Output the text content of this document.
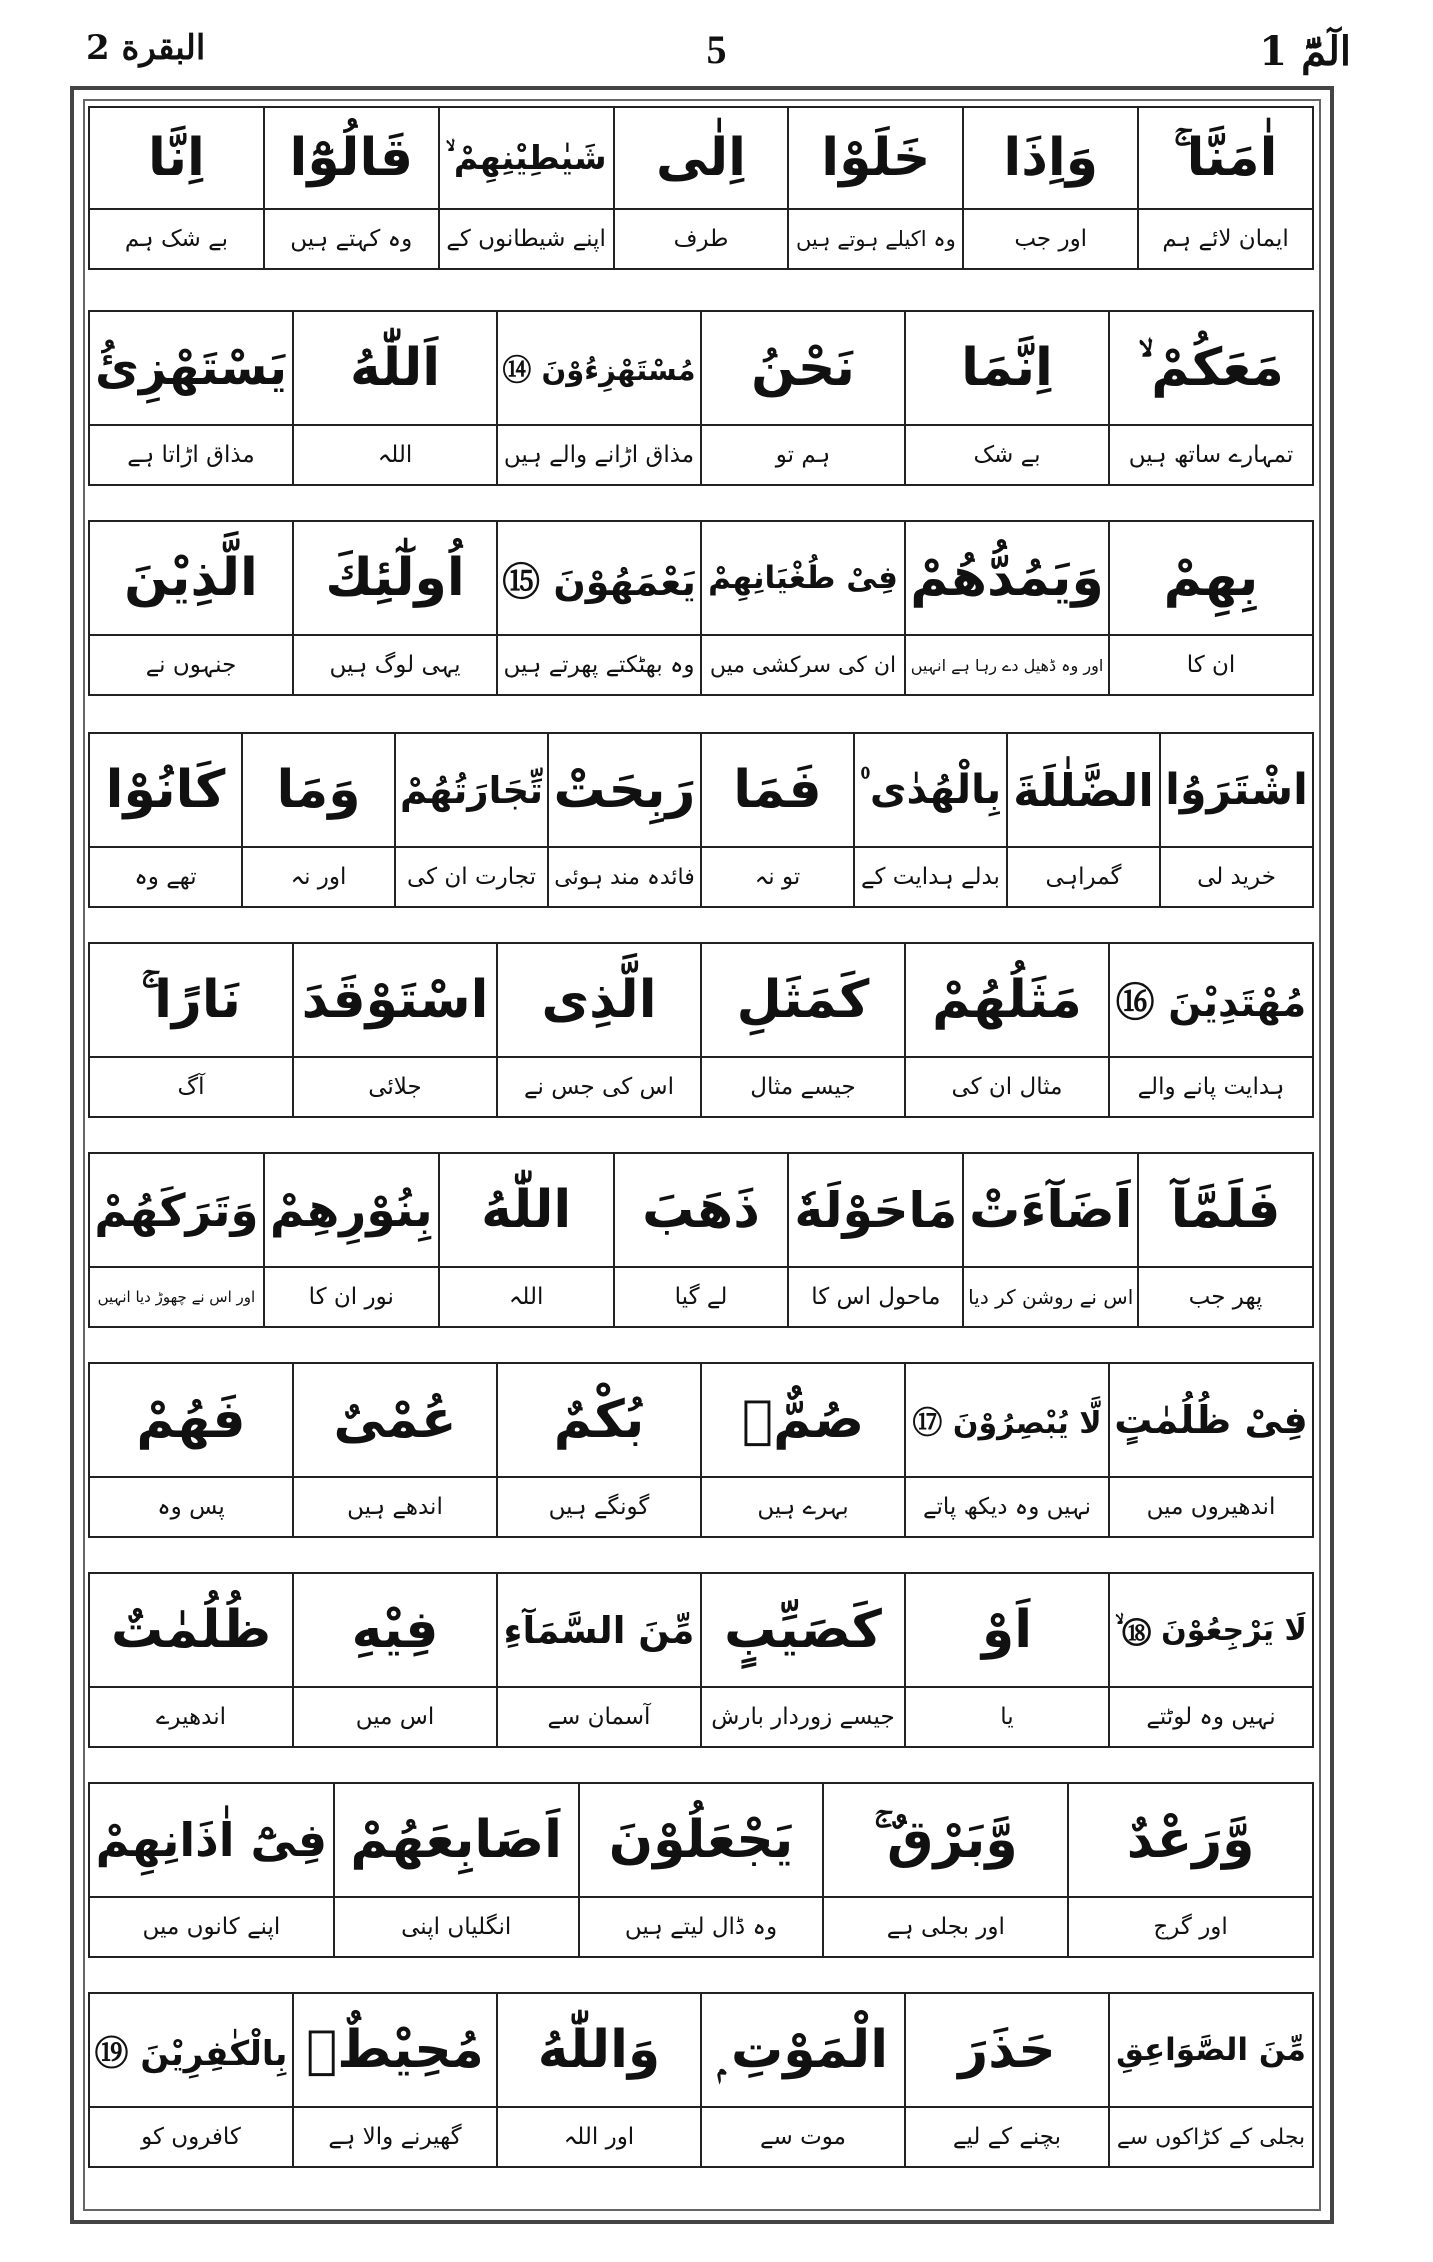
البقرة 2	5	الٓمّٓ 1
اٰمَنَّا ۚ
وَاِذَا
خَلَوْا
اِلٰی
شَیٰطِیْنِھِمْ ۙ
قَالُوْٓا
اِنَّا
ایمان لائے ہم
اور جب
وہ اکیلے ہوتے ہیں
طرف
اپنے شیطانوں کے
وہ کہتے ہیں
بے شک ہم
مَعَكُمْ ۙ
اِنَّمَا
نَحْنُ
مُسْتَھْزِءُوْنَ ⑭
اَللّٰهُ
يَسْتَهْزِئُ
تمہارے ساتھ ہیں
بے شک
ہم تو
مذاق اڑانے والے ہیں
اللہ
مذاق اڑاتا ہے
بِهِمْ
وَيَمُدُّھُمْ
فِىْ طُغْيَانِهِمْ
يَعْمَهُوْنَ ⑮
اُولٰٓئِكَ
الَّذِيْنَ
ان کا
اور وہ ڈھیل دے رہا ہے انہیں
ان کی سرکشی میں
وہ بھٹکتے پھرتے ہیں
یہی لوگ ہیں
جنہوں نے
اشْتَرَوُا
الضَّلٰلَةَ
بِالْهُدٰى ۠
فَمَا
رَبِحَتْ
تِّجَارَتُهُمْ
وَمَا
كَانُوْا
خرید لی
گمراہی
بدلے ہدایت کے
تو نہ
فائدہ مند ہوئی
تجارت ان کی
اور نہ
تھے وہ
مُهْتَدِيْنَ ⑯
مَثَلُهُمْ
كَمَثَلِ
الَّذِى
اسْتَوْقَدَ
نَارًا ۚ
ہدایت پانے والے
مثال ان کی
جیسے مثال
اس کی جس نے
جلائی
آگ
فَلَمَّآ
اَضَآءَتْ
مَاحَوْلَهٗ
ذَهَبَ
اللّٰهُ
بِنُوْرِهِمْ
وَتَرَكَهُمْ
پھر جب
اس نے روشن کر دیا
ماحول اس کا
لے گیا
اللہ
نور ان کا
اور اس نے چھوڑ دیا انہیں
فِىْ ظُلُمٰتٍ
لَّا يُبْصِرُوْنَ ⑰
صُمٌّۢ
بُكْمٌ
عُمْىٌ
فَهُمْ
اندھیروں میں
نہیں وہ دیکھ پاتے
بہرے ہیں
گونگے ہیں
اندھے ہیں
پس وہ
لَا يَرْجِعُوْنَ ⑱ ۙ
اَوْ
كَصَيِّبٍ
مِّنَ السَّمَآءِ
فِيْهِ
ظُلُمٰتٌ
نہیں وہ لوٹتے
یا
جیسے زوردار بارش
آسمان سے
اس میں
اندھیرے
وَّرَعْدٌ
وَّبَرْقٌ ۚ
يَجْعَلُوْنَ
اَصَابِعَهُمْ
فِىْٓ اٰذَانِهِمْ
اور گرج
اور بجلی ہے
وہ ڈال لیتے ہیں
انگلیاں اپنی
اپنے کانوں میں
مِّنَ الصَّوَاعِقِ
حَذَرَ
الْمَوْتِ ۭ
وَاللّٰهُ
مُحِيْطٌۢ
بِالْكٰفِرِيْنَ ⑲
بجلی کے کڑاکوں سے
بچنے کے لیے
موت سے
اور اللہ
گھیرنے والا ہے
کافروں کو
